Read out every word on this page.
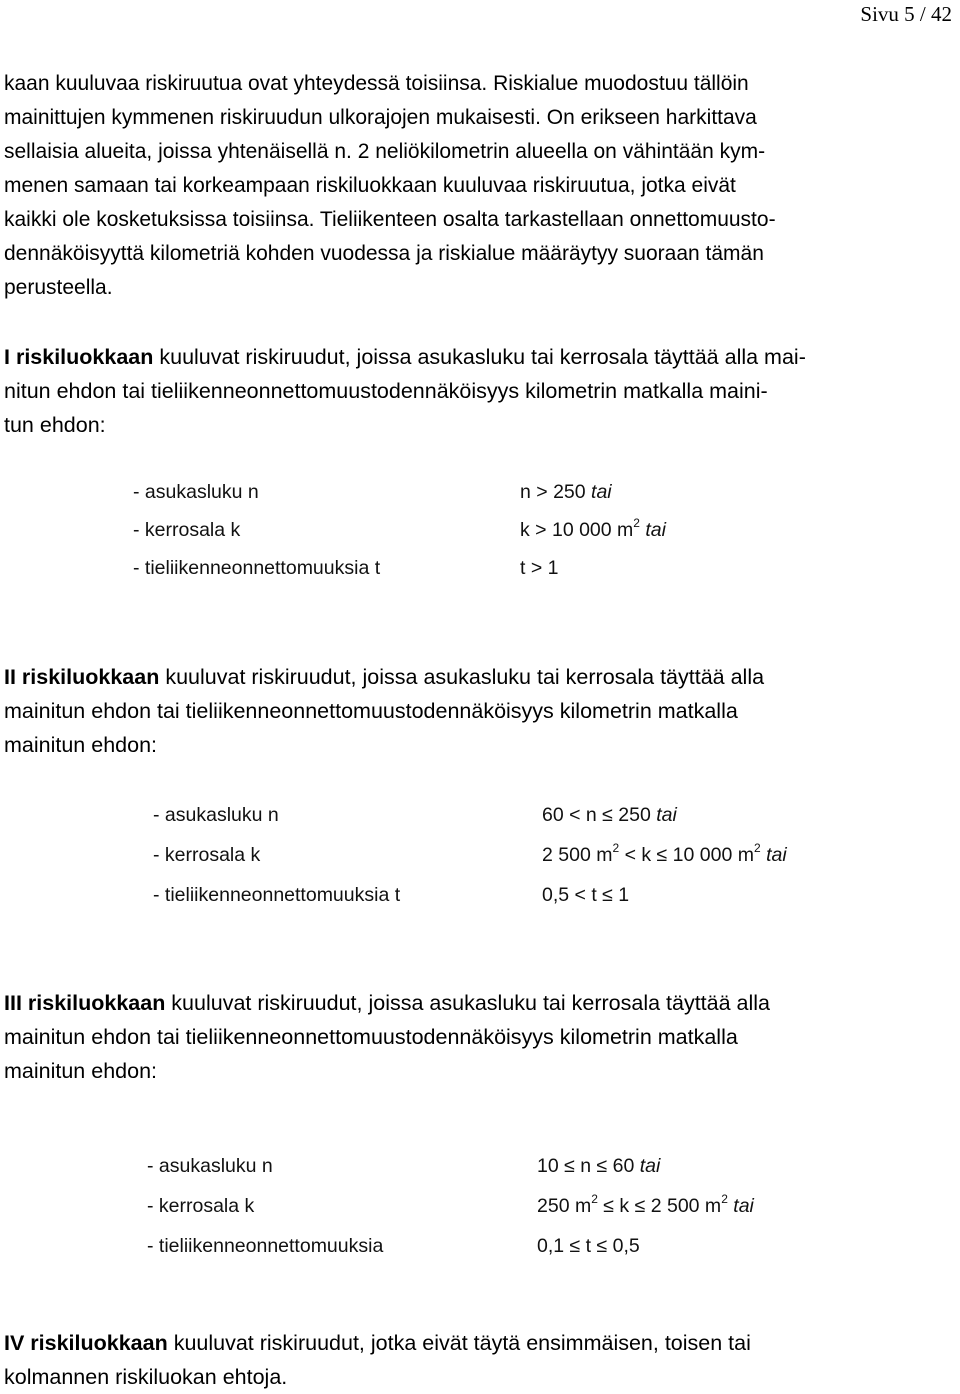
Sivu 5 / 42

kaan kuuluvaa riskiruutua ovat yhteydessä toisiinsa. Riskialue muodostuu tällöin
mainittujen kymmenen riskiruudun ulkorajojen mukaisesti. On erikseen harkittava
sellaisia alueita, joissa yhtenäisellä n. 2 neliökilometrin alueella on vähintään kym-
menen samaan tai korkeampaan riskiluokkaan kuuluvaa riskiruutua, jotka eivät
kaikki ole kosketuksissa toisiinsa. Tieliikenteen osalta tarkastellaan onnettomuusto-
dennäköisyyttä kilometriä kohden vuodessa ja riskialue määräytyy suoraan tämän
perusteella.

I riskiluokkaan kuuluvat riskiruudut, joissa asukasluku tai kerrosala täyttää alla mai-
nitun ehdon tai tieliikenneonnettomuustodennäköisyys kilometrin matkalla maini-
tun ehdon:

- asukasluku n	n > 250 tai
- kerrosala k	k > 10 000 $m^2$ tai
- tieliikenneonnettomuuksia t	t > 1

II riskiluokkaan kuuluvat riskiruudut, joissa asukasluku tai kerrosala täyttää alla
mainitun ehdon tai tieliikenneonnettomuustodennäköisyys kilometrin matkalla
mainitun ehdon:

- asukasluku n	60 < n ≤ 250 tai
- kerrosala k	2 500 $m^2 < k \le 10$ 000 $m^2$ tai
- tieliikenneonnettomuuksia t	0,5 < t ≤ 1

III riskiluokkaan kuuluvat riskiruudut, joissa asukasluku tai kerrosala täyttää alla
mainitun ehdon tai tieliikenneonnettomuustodennäköisyys kilometrin matkalla
mainitun ehdon:

- asukasluku n	10 ≤ n ≤ 60 tai
- kerrosala k	250 $m^2 \le k \le 2$ 500 $m^2$ tai
- tieliikenneonnettomuuksia	0,1 ≤ t ≤ 0,5

IV riskiluokkaan kuuluvat riskiruudut, jotka eivät täytä ensimmäisen, toisen tai
kolmannen riskiluokan ehtoja.
